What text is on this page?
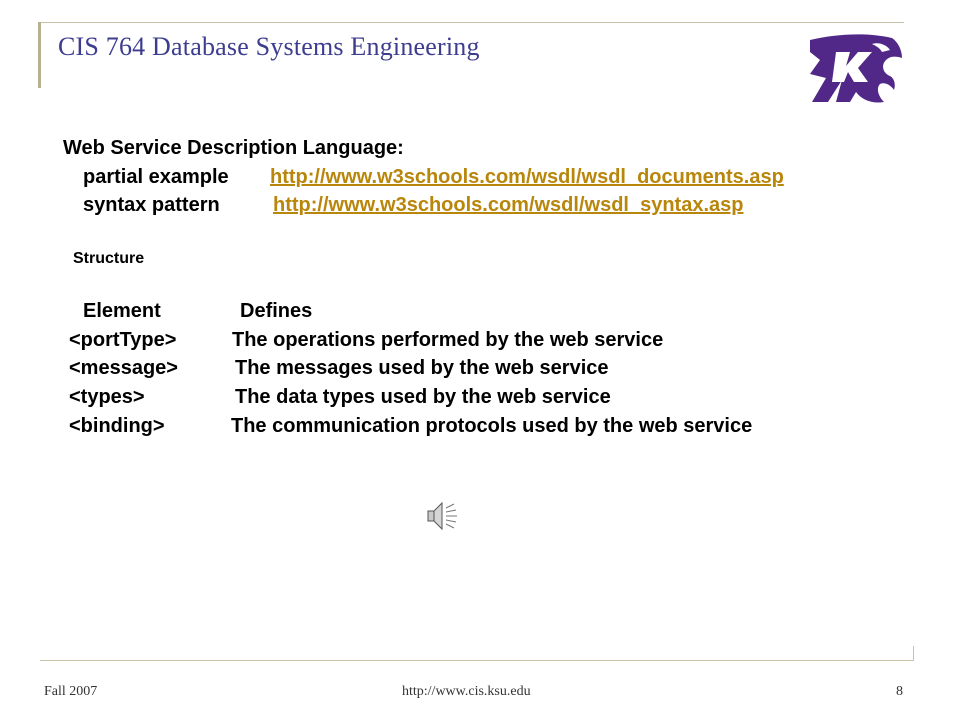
CIS 764 Database Systems Engineering
Web Service Description Language:
partial example http://www.w3schools.com/wsdl/wsdl_documents.asp
syntax pattern	http://www.w3schools.com/wsdl/wsdl_syntax.asp
Structure
Element	Defines
<portType>	The operations performed by the web service
<message>	The messages used by the web service
<types>	The data types used by the web service
<binding>	The communication protocols used by the web service
Fall 2007	http://www.cis.ksu.edu	8
